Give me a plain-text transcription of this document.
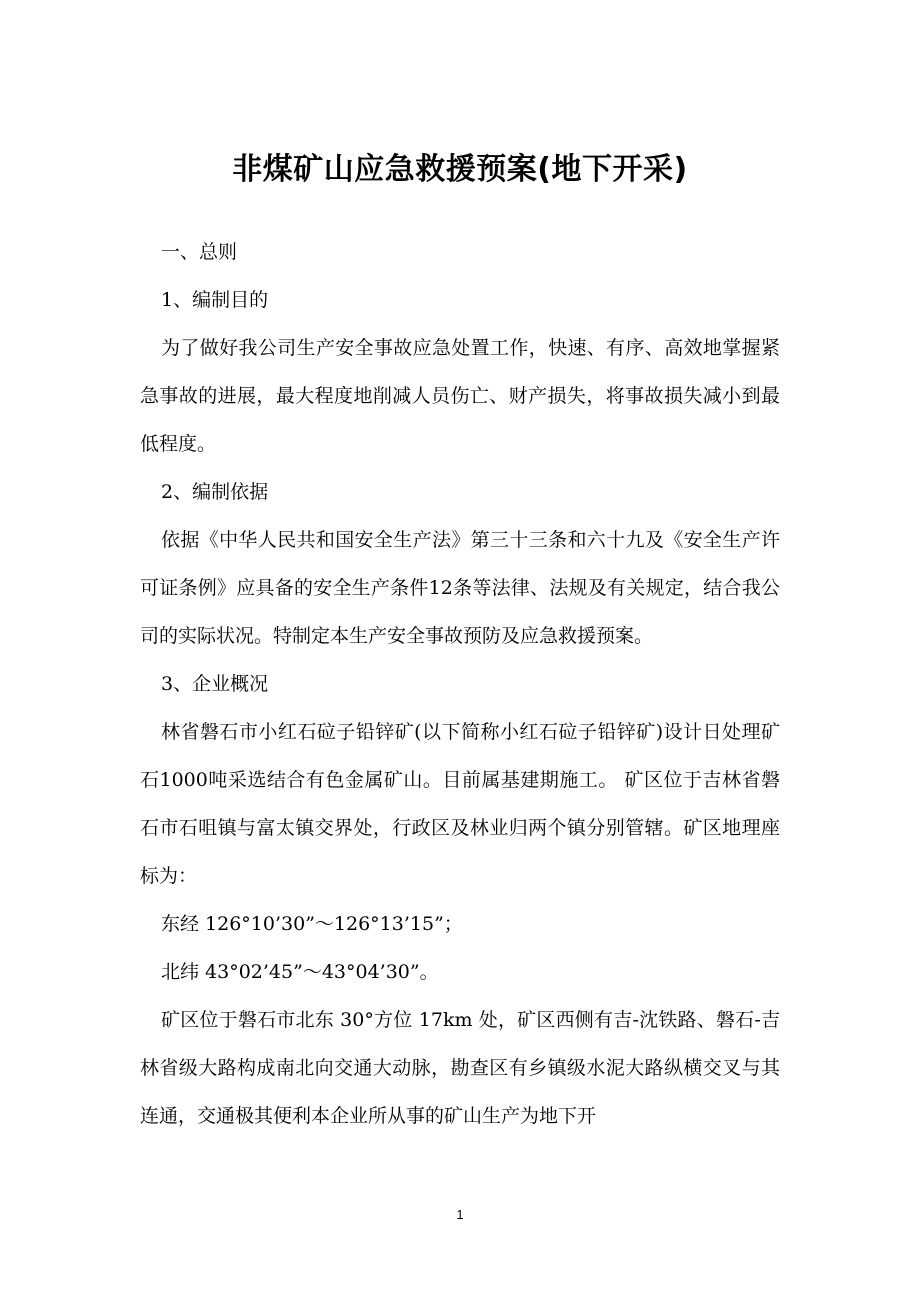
非煤矿山应急救援预案(地下开采)

一、总则

1、编制目的

为了做好我公司生产安全事故应急处置工作，快速、有序、高效地掌握紧急事故的进展，最大程度地削减人员伤亡、财产损失，将事故损失减小到最低程度。

2、编制依据

依据《中华人民共和国安全生产法》第三十三条和六十九及《安全生产许可证条例》应具备的安全生产条件12条等法律、法规及有关规定，结合我公司的实际状况。特制定本生产安全事故预防及应急救援预案。

3、企业概况

林省磐石市小红石砬子铅锌矿(以下简称小红石砬子铅锌矿)设计日处理矿石1000吨采选结合有色金属矿山。目前属基建期施工。 矿区位于吉林省磐石市石咀镇与富太镇交界处，行政区及林业归两个镇分别管辖。矿区地理座标为：

东经 126°10’30”～126°13’15”；

北纬 43°02’45”～43°04’30”。

矿区位于磐石市北东 30°方位 17km 处，矿区西侧有吉-沈铁路、磐石-吉林省级大路构成南北向交通大动脉，勘查区有乡镇级水泥大路纵横交叉与其连通，交通极其便利本企业所从事的矿山生产为地下开

1
